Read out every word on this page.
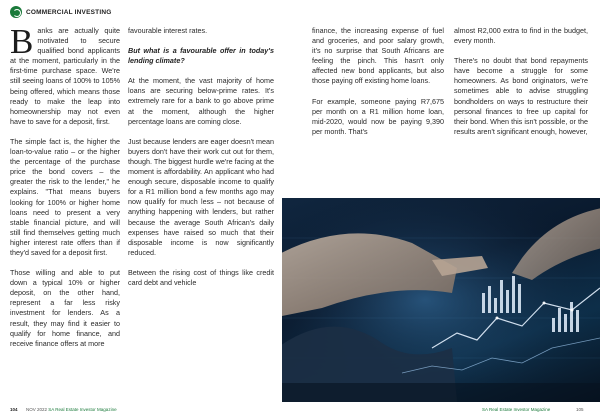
COMMERCIAL INVESTING

Banks are actually quite motivated to secure qualified bond applicants at the moment, particularly in the first-time purchase space. We're still seeing loans of 100% to 105% being offered, which means those ready to make the leap into homeownership may not even have to save for a deposit, first.

The simple fact is, the higher the loan-to-value ratio – or the higher the percentage of the purchase price the bond covers – the greater the risk to the lender," he explains. "That means buyers looking for 100% or higher home loans need to present a very stable financial picture, and will still find themselves getting much higher interest rate offers than if they'd saved for a deposit first.

Those willing and able to put down a typical 10% or higher deposit, on the other hand, represent a far less risky investment for lenders. As a result, they may find it easier to qualify for home finance, and receive finance offers at more

favourable interest rates.

But what is a favourable offer in today's lending climate?

At the moment, the vast majority of home loans are securing below-prime rates. It's extremely rare for a bank to go above prime at the moment, although the higher percentage loans are coming close.

Just because lenders are eager doesn't mean buyers don't have their work cut out for them, though. The biggest hurdle we're facing at the moment is affordability. An applicant who had enough secure, disposable income to qualify for a R1 million bond a few months ago may now qualify for much less – not because of anything happening with lenders, but rather because the average South African's daily expenses have raised so much that their disposable income is now significantly reduced.

Between the rising cost of things like credit card debt and vehicle

finance, the increasing expense of fuel and groceries, and poor salary growth, it's no surprise that South Africans are feeling the pinch. This hasn't only affected new bond applicants, but also those paying off existing home loans.

For example, someone paying R7,675 per month on a R1 million home loan, mid-2020, would now be paying 9,390 per month. That's

almost R2,000 extra to find in the budget, every month.

There's no doubt that bond repayments have become a struggle for some homeowners. As bond originators, we're sometimes able to advise struggling bondholders on ways to restructure their personal finances to free up capital for their bond. When this isn't possible, or the results aren't significant enough, however,

104 NOV 2022 SA Real Estate Investor Magazine	SA Real Estate Investor Magazine	105
